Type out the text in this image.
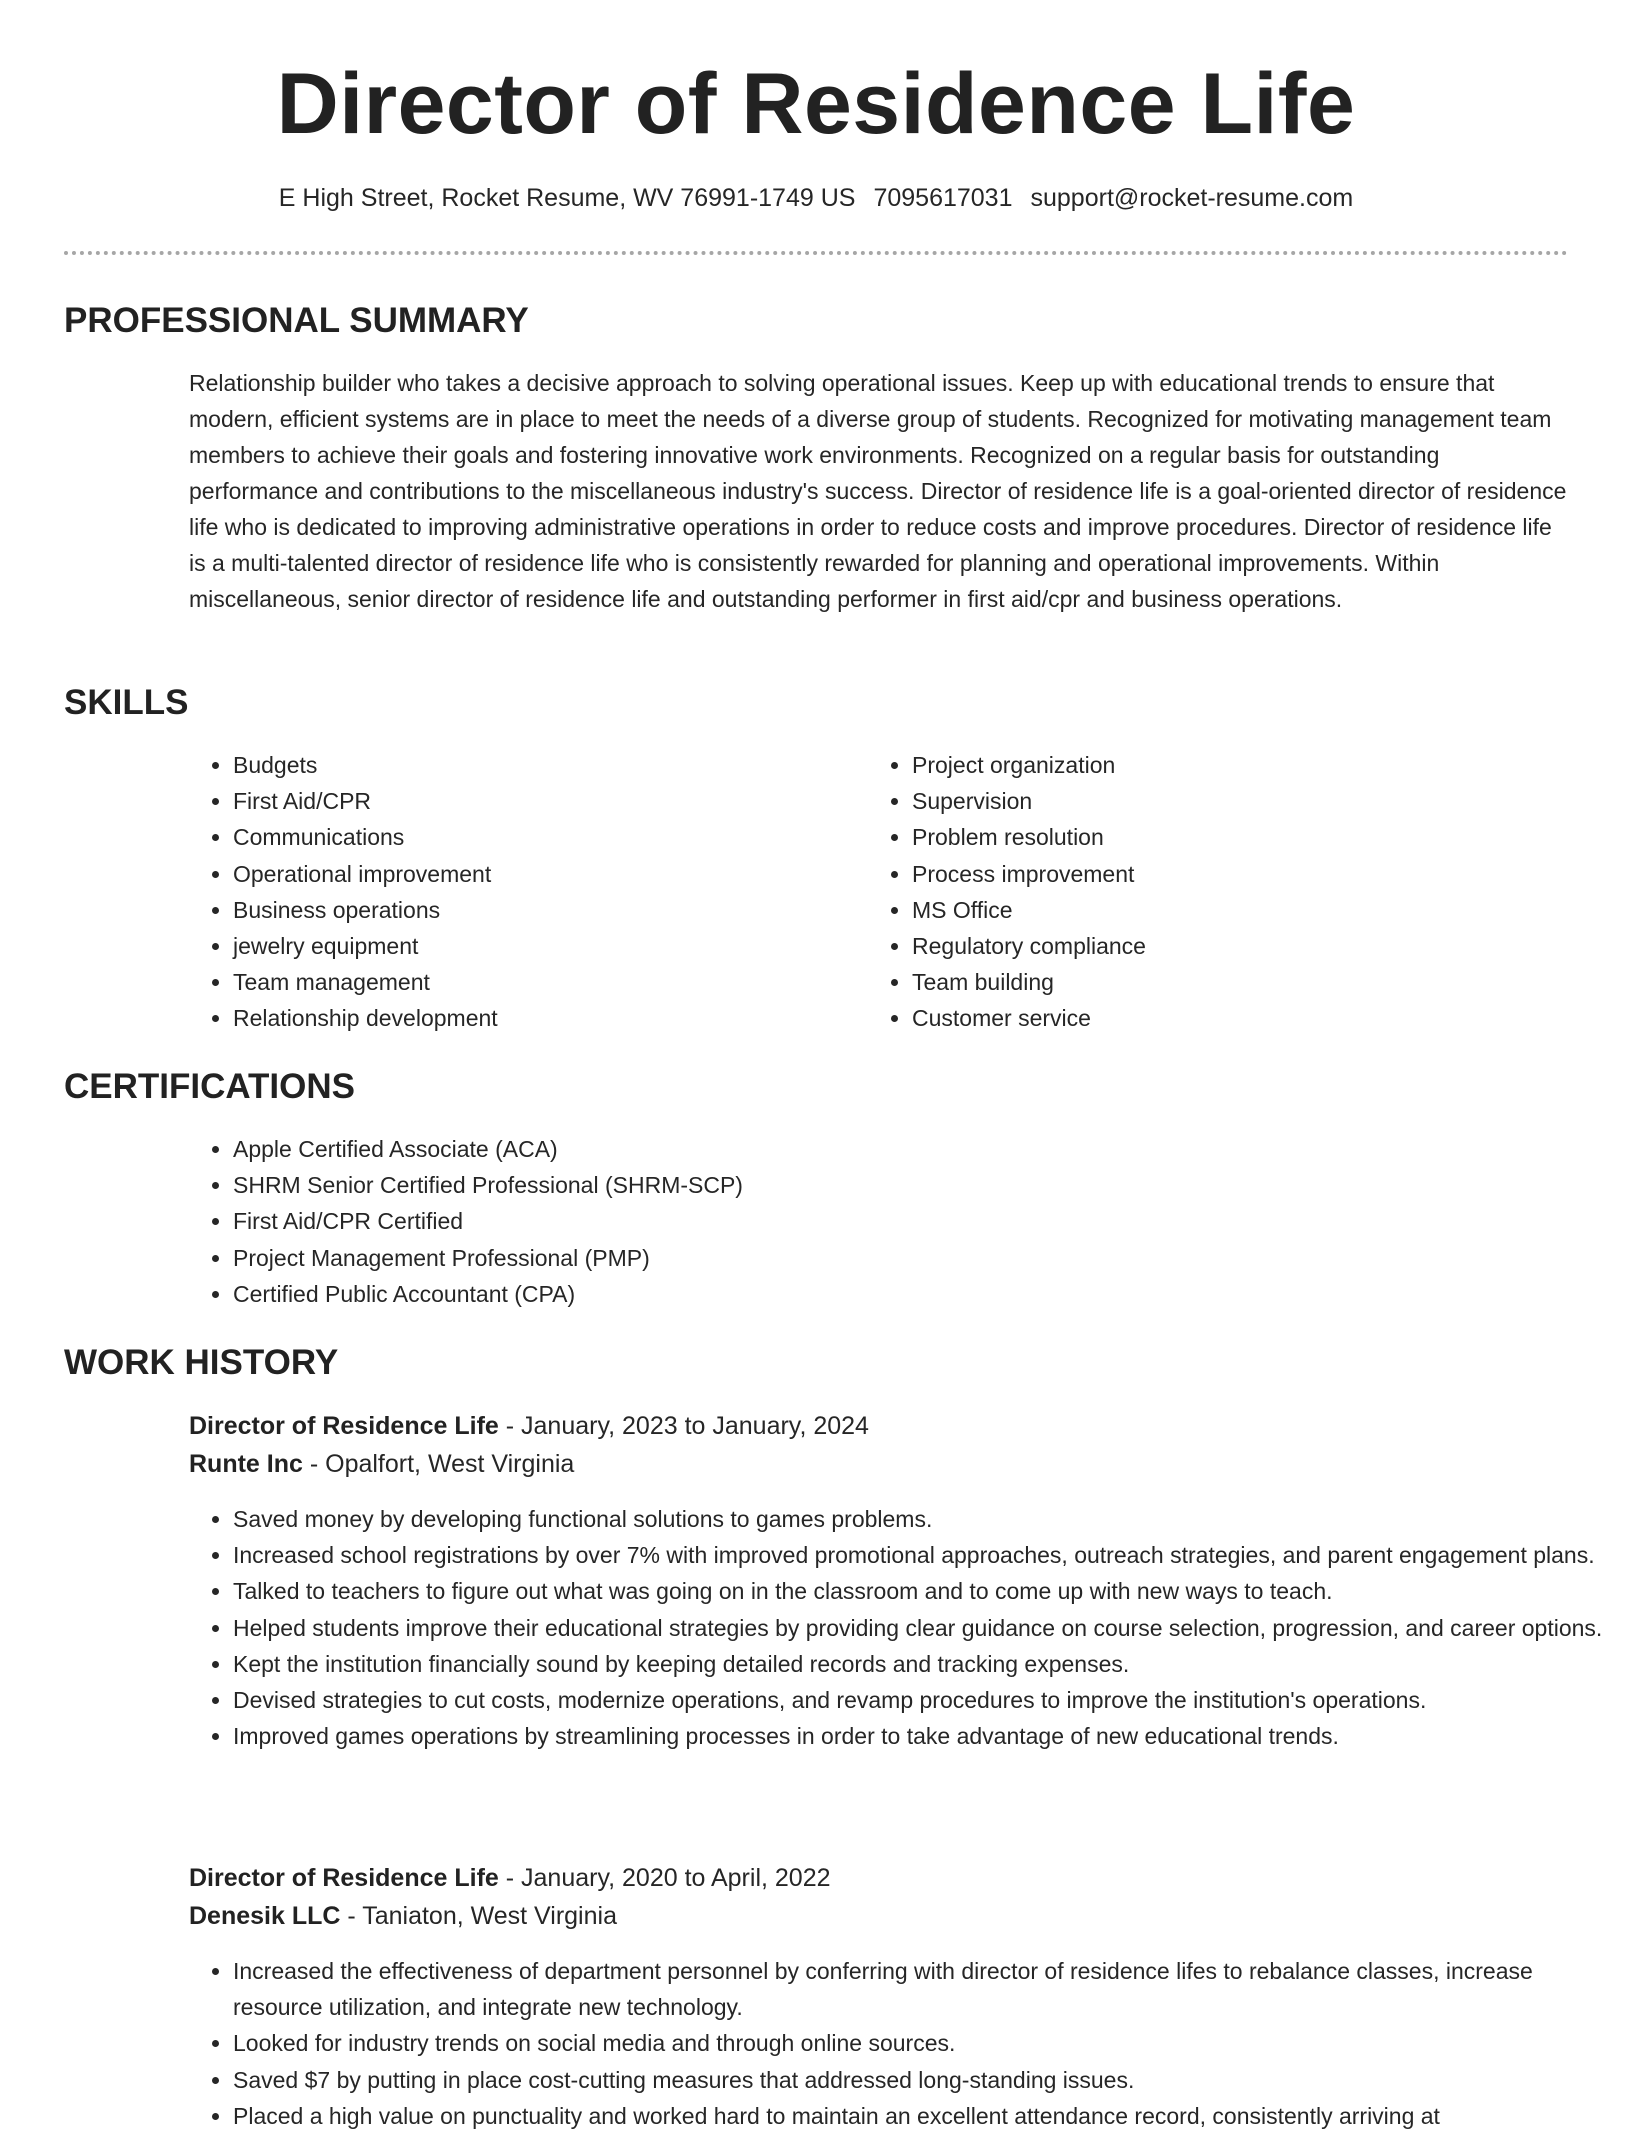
Director of Residence Life
E High Street, Rocket Resume, WV 76991-1749 US 7095617031 support@rocket-resume.com
PROFESSIONAL SUMMARY
Relationship builder who takes a decisive approach to solving operational issues. Keep up with educational trends to ensure that modern, efficient systems are in place to meet the needs of a diverse group of students. Recognized for motivating management team members to achieve their goals and fostering innovative work environments. Recognized on a regular basis for outstanding performance and contributions to the miscellaneous industry's success. Director of residence life is a goal-oriented director of residence life who is dedicated to improving administrative operations in order to reduce costs and improve procedures. Director of residence life is a multi-talented director of residence life who is consistently rewarded for planning and operational improvements. Within miscellaneous, senior director of residence life and outstanding performer in first aid/cpr and business operations.
SKILLS
• Budgets
• First Aid/CPR
• Communications
• Operational improvement
• Business operations
• jewelry equipment
• Team management
• Relationship development
• Project organization
• Supervision
• Problem resolution
• Process improvement
• MS Office
• Regulatory compliance
• Team building
• Customer service
CERTIFICATIONS
• Apple Certified Associate (ACA)
• SHRM Senior Certified Professional (SHRM-SCP)
• First Aid/CPR Certified
• Project Management Professional (PMP)
• Certified Public Accountant (CPA)
WORK HISTORY
Director of Residence Life - January, 2023 to January, 2024
Runte Inc - Opalfort, West Virginia
• Saved money by developing functional solutions to games problems.
• Increased school registrations by over 7% with improved promotional approaches, outreach strategies, and parent engagement plans.
• Talked to teachers to figure out what was going on in the classroom and to come up with new ways to teach.
• Helped students improve their educational strategies by providing clear guidance on course selection, progression, and career options.
• Kept the institution financially sound by keeping detailed records and tracking expenses.
• Devised strategies to cut costs, modernize operations, and revamp procedures to improve the institution's operations.
• Improved games operations by streamlining processes in order to take advantage of new educational trends.
Director of Residence Life - January, 2020 to April, 2022
Denesik LLC - Taniaton, West Virginia
• Increased the effectiveness of department personnel by conferring with director of residence lifes to rebalance classes, increase resource utilization, and integrate new technology.
• Looked for industry trends on social media and through online sources.
• Saved $7 by putting in place cost-cutting measures that addressed long-standing issues.
• Placed a high value on punctuality and worked hard to maintain an excellent attendance record, consistently arriving at
